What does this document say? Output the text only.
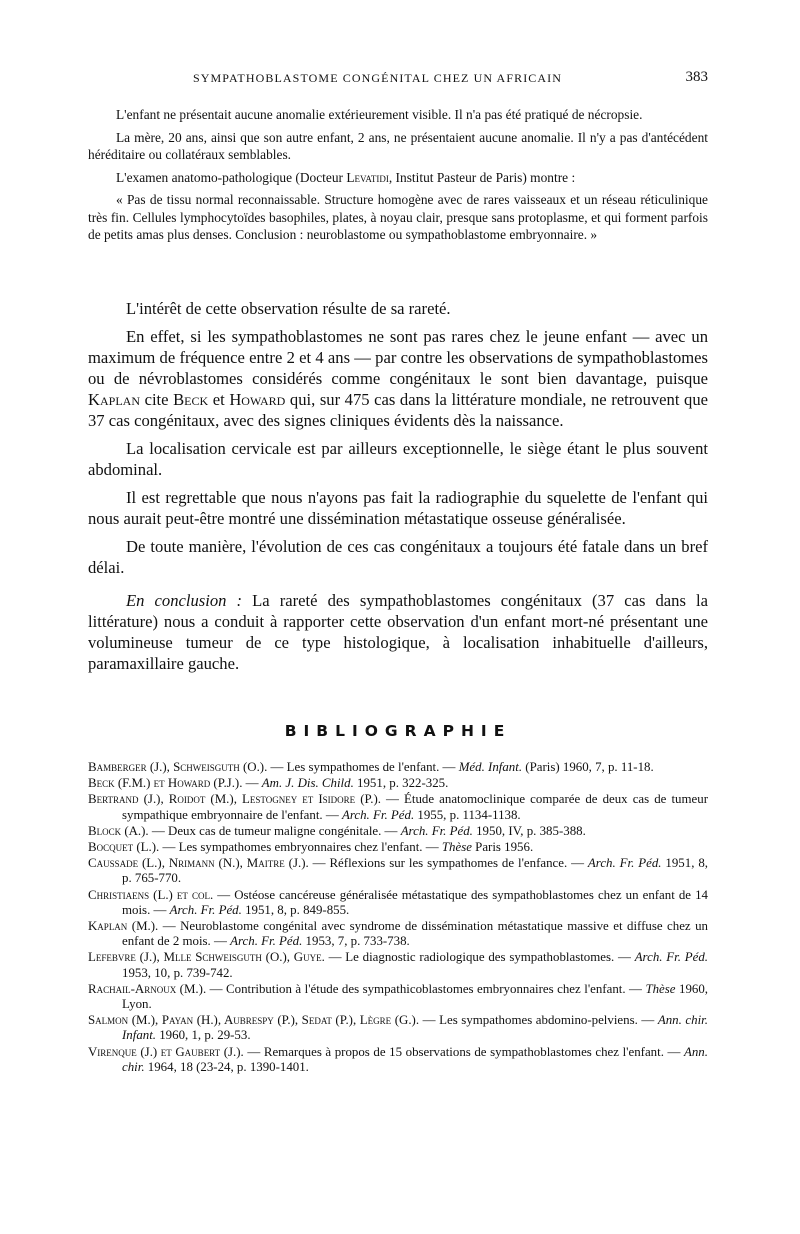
SYMPATHOBLASTOME CONGÉNITAL CHEZ UN AFRICAIN	383

L'enfant ne présentait aucune anomalie extérieurement visible. Il n'a pas été pratiqué de nécropsie.

La mère, 20 ans, ainsi que son autre enfant, 2 ans, ne présentaient aucune anomalie. Il n'y a pas d'antécédent héréditaire ou collatéraux semblables.

L'examen anatomo-pathologique (Docteur Levatidi, Institut Pasteur de Paris) montre :

« Pas de tissu normal reconnaissable. Structure homogène avec de rares vaisseaux et un réseau réticulinique très fin. Cellules lymphocytoïdes basophiles, plates, à noyau clair, presque sans protoplasme, et qui forment parfois de petits amas plus denses. Conclusion : neuroblastome ou sympathoblastome embryonnaire. »

L'intérêt de cette observation résulte de sa rareté.

En effet, si les sympathoblastomes ne sont pas rares chez le jeune enfant — avec un maximum de fréquence entre 2 et 4 ans — par contre les observations de sympathoblastomes ou de névroblastomes considérés comme congénitaux le sont bien davantage, puisque Kaplan cite Beck et Howard qui, sur 475 cas dans la littérature mondiale, ne retrouvent que 37 cas congénitaux, avec des signes cliniques évidents dès la naissance.

La localisation cervicale est par ailleurs exceptionnelle, le siège étant le plus souvent abdominal.

Il est regrettable que nous n'ayons pas fait la radiographie du squelette de l'enfant qui nous aurait peut-être montré une dissémination métastatique osseuse généralisée.

De toute manière, l'évolution de ces cas congénitaux a toujours été fatale dans un bref délai.

En conclusion : La rareté des sympathoblastomes congénitaux (37 cas dans la littérature) nous a conduit à rapporter cette observation d'un enfant mort-né présentant une volumineuse tumeur de ce type histologique, à localisation inhabituelle d'ailleurs, paramaxillaire gauche.

BIBLIOGRAPHIE
Bamberger (J.), Schweisguth (O.). — Les sympathomes de l'enfant. — Méd. Infant. (Paris) 1960, 7, p. 11-18.
Beck (F.M.) et Howard (P.J.). — Am. J. Dis. Child. 1951, p. 322-325.
Bertrand (J.), Roidot (M.), Lestogney et Isidore (P.). — Étude anatomoclinique comparée de deux cas de tumeur sympathique embryonnaire de l'enfant. — Arch. Fr. Péd. 1955, p. 1134-1138.
Block (A.). — Deux cas de tumeur maligne congénitale. — Arch. Fr. Péd. 1950, IV, p. 385-388.
Bocquet (L.). — Les sympathomes embryonnaires chez l'enfant. — Thèse Paris 1956.
Caussade (L.), Nrimann (N.), Maitre (J.). — Réflexions sur les sympathomes de l'enfance. — Arch. Fr. Péd. 1951, 8, p. 765-770.
Christiaens (L.) et col. — Ostéose cancéreuse généralisée métastatique des sympathoblastomes chez un enfant de 14 mois. — Arch. Fr. Péd. 1951, 8, p. 849-855.
Kaplan (M.). — Neuroblastome congénital avec syndrome de dissémination métastatique massive et diffuse chez un enfant de 2 mois. — Arch. Fr. Péd. 1953, 7, p. 733-738.
Lefebvre (J.), Mlle Schweisguth (O.), Guye. — Le diagnostic radiologique des sympathoblastomes. — Arch. Fr. Péd. 1953, 10, p. 739-742.
Rachail-Arnoux (M.). — Contribution à l'étude des sympathicoblastomes embryonnaires chez l'enfant. — Thèse 1960, Lyon.
Salmon (M.), Payan (H.), Aubrespy (P.), Sedat (P.), Lègre (G.). — Les sympathomes abdomino-pelviens. — Ann. chir. Infant. 1960, 1, p. 29-53.
Virenque (J.) et Gaubert (J.). — Remarques à propos de 15 observations de sympathoblastomes chez l'enfant. — Ann. chir. 1964, 18 (23-24, p. 1390-1401.
